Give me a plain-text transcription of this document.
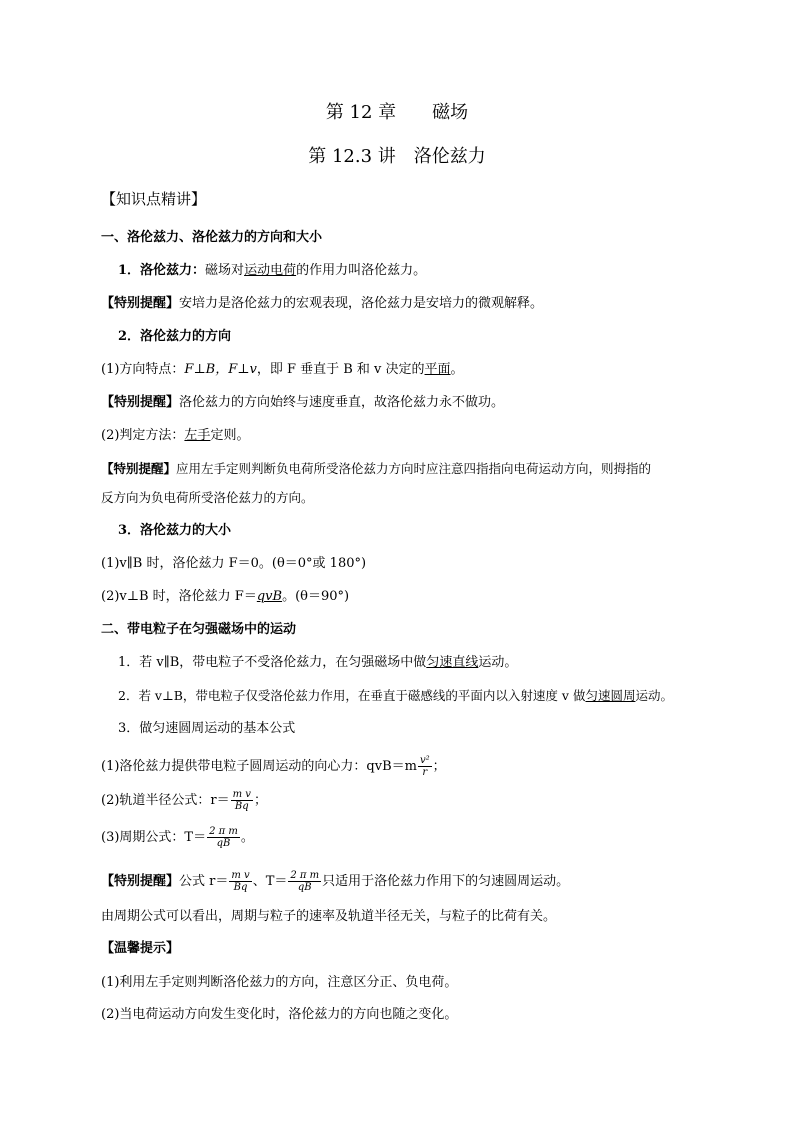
第 12 章　　磁场
第 12.3 讲　洛伦兹力
【知识点精讲】
一、洛伦兹力、洛伦兹力的方向和大小
1．洛伦兹力：磁场对运动电荷的作用力叫洛伦兹力。
【特别提醒】安培力是洛伦兹力的宏观表现，洛伦兹力是安培力的微观解释。
2．洛伦兹力的方向
(1)方向特点：F⊥B，F⊥v，即 F 垂直于 B 和 v 决定的平面。
【特别提醒】洛伦兹力的方向始终与速度垂直，故洛伦兹力永不做功。
(2)判定方法：左手定则。
【特别提醒】应用左手定则判断负电荷所受洛伦兹力方向时应注意四指指向电荷运动方向，则拇指的
反方向为负电荷所受洛伦兹力的方向。
3．洛伦兹力的大小
(1)v∥B 时，洛伦兹力 F＝0。(θ＝0°或 180°)
(2)v⊥B 时，洛伦兹力 F＝qvB。(θ＝90°)
二、带电粒子在匀强磁场中的运动
1．若 v∥B，带电粒子不受洛伦兹力，在匀强磁场中做匀速直线运动。
2．若 v⊥B，带电粒子仅受洛伦兹力作用，在垂直于磁感线的平面内以入射速度 v 做匀速圆周运动。
3．做匀速圆周运动的基本公式
(1)洛伦兹力提供带电粒子圆周运动的向心力：$qvB=m \frac{\text{v²}}{r}$ ；
(2)轨道半径公式：$r= \frac{\text{m v}}{Bq}$ ；
(3)周期公式：$T= \frac{\text{2 π m}}{qB}$ 。
【特别提醒】公式 $r= \frac{\text{m v}}{Bq}$ 、$T= \frac{\text{2 π m}}{qB}$ 只适用于洛伦兹力作用下的匀速圆周运动。
由周期公式可以看出，周期与粒子的速率及轨道半径无关，与粒子的比荷有关。
【温馨提示】
(1)利用左手定则判断洛伦兹力的方向，注意区分正、负电荷。
(2)当电荷运动方向发生变化时，洛伦兹力的方向也随之变化。
